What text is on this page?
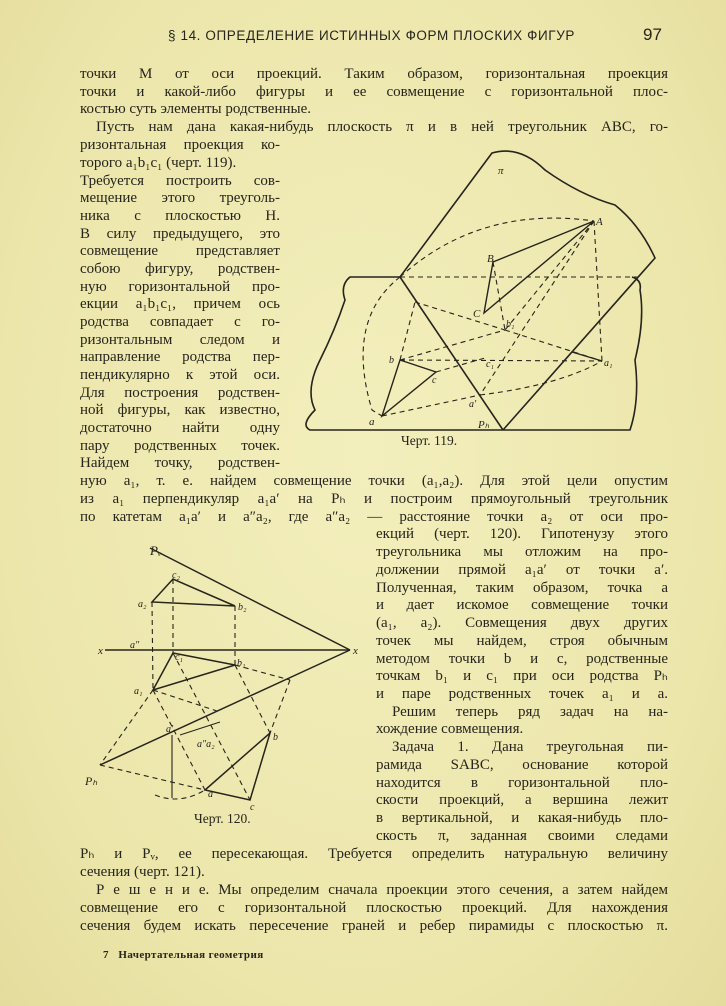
§ 14. ОПРЕДЕЛЕНИЕ ИСТИННЫХ ФОРМ ПЛОСКИХ ФИГУР	97
точки M от оси проекций. Таким образом, горизонтальная проекция
точки и какой-либо фигуры и ее совмещение с горизонтальной плос-
костью суть элементы родственные.
Пусть нам дана какая-нибудь плоскость π и в ней треугольник ABC, го-
ризонтальная проекция ко-
торого a₁b₁c₁ (черт. 119).
Требуется построить сов-
мещение этого треуголь-
ника с плоскостью H.
В силу предыдущего, это
совмещение представляет
собою фигуру, родствен-
ную горизонтальной про-
екции a₁b₁c₁, причем ось
родства совпадает с го-
ризонтальным следом и
направление родства пер-
пендикулярно к этой оси.
Для построения родствен-
ной фигуры, как известно,
достаточно найти одну
пару родственных точек.
Найдем точку, родствен-
ную a₁, т. е. найдем совмещение точки (a₁,a₂). Для этой цели опустим
из a₁ перпендикуляр a₁a′ на Pₕ и построим прямоугольный треугольник
по катетам a₁a′ и a″a₂, где a″a₂ — расстояние точки a₂ от оси про-
екций (черт. 120). Гипотенузу этого
треугольника мы отложим на про-
должении прямой a₁a′ от точки a′.
Полученная, таким образом, точка a
и дает искомое совмещение точки
(a₁, a₂). Совмещения двух других
точек мы найдем, строя обычным
методом точки b и c, родственные
точкам b₁ и c₁ при оси родства Pₕ
и паре родственных точек a₁ и a.
Решим теперь ряд задач на на-
хождение совмещения.
Задача 1. Дана треугольная пи-
рамида SABC, основание которой
находится в горизонтальной пло-
скости проекций, а вершина лежит
в вертикальной, и какая-нибудь пло-
скость π, заданная своими следами
Pₕ и Pᵥ, ее пересекающая. Требуется определить натуральную величину
сечения (черт. 121).
Р е ш е н и е. Мы определим сначала проекции этого сечения, а затем найдем
совмещение его с горизонтальной плоскостью проекций. Для нахождения
сечения будем искать пересечение граней и ребер пирамиды с плоскостью π.
A
B
C
b₁
c₁	a₁
b
c
a
a′
Pₕ
π
Черт. 119.
Pᵥ
c₂
a₂	b₂
x	x
a″
c₁
b₁
a₁
a′
a″a₂
b
a
c
Pₕ
Черт. 120.
7 Начертательная геометрия
